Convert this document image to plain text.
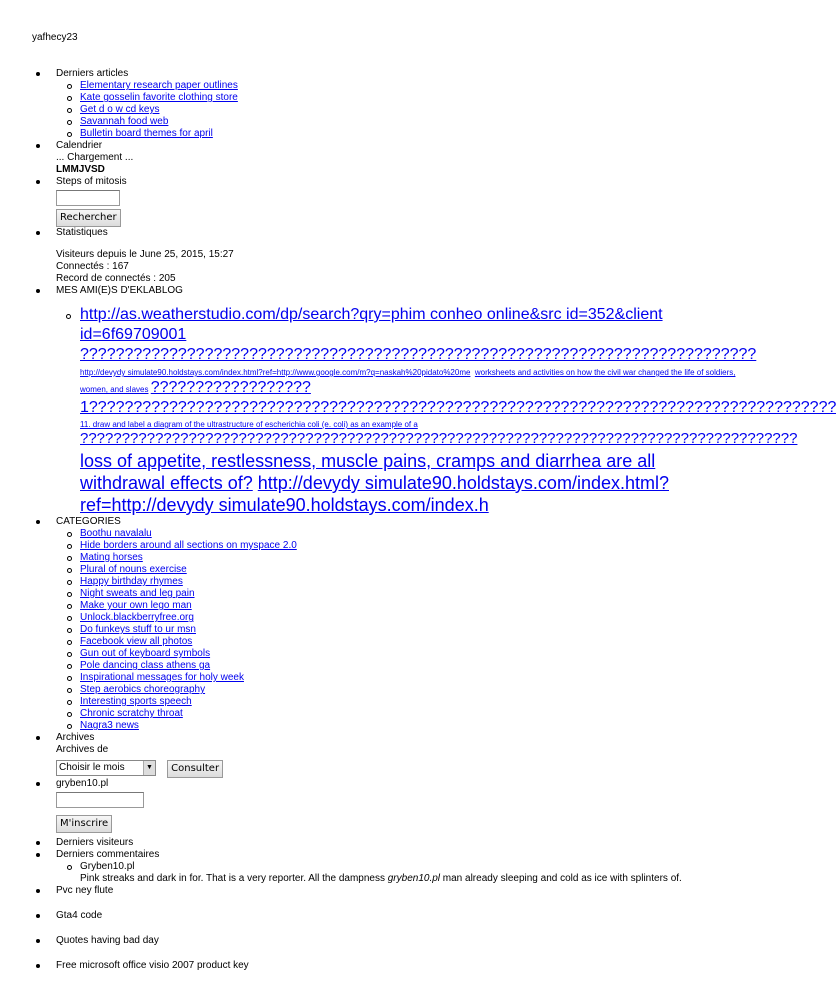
yafhecy23
Derniers articles
Elementary research paper outlines
Kate gosselin favorite clothing store
Get d o w cd keys
Savannah food web
Bulletin board themes for april
Calendrier
... Chargement ...
LMMJVSD
Steps of mitosis
Rechercher
Statistiques
Visiteurs depuis le June 25, 2015, 15:27
Connectés : 167
Record de connectés : 205
MES AMI(E)S D'EKLABLOG
http://as.weatherstudio.com/dp/search?qry=phim conheo online&src id=352&client id=6f69709001
????????????????????????????????????????????????????????????????????????????
http://devydy simulate90.holdstays.com/index.html?ref=http://www.google.com/m?q=naskah%20pidato%20me worksheets and activities on how the civil war changed the life of soldiers, women, and slaves ??????????????????
1????????????????????????????????????????????????????????????????????????????????????
11. draw and label a diagram of the ultrastructure of escherichia coli (e. coli) as an example of a
??????????????????????????????????????????????????????????????????????????????????????
loss of appetite, restlessness, muscle pains, cramps and diarrhea are all withdrawal effects of? http://devydy simulate90.holdstays.com/index.html?ref=http://devydy simulate90.holdstays.com/index.h
CATEGORIES
Boothu navalalu
Hide borders around all sections on myspace 2.0
Mating horses
Plural of nouns exercise
Happy birthday rhymes
Night sweats and leg pain
Make your own lego man
Unlock.blackberryfree.org
Do funkeys stuff to ur msn
Facebook view all photos
Gun out of keyboard symbols
Pole dancing class athens ga
Inspirational messages for holy week
Step aerobics choreography
Interesting sports speech
Chronic scratchy throat
Nagra3 news
Archives
Archives de
Choisir le mois	▼ Consulter
gryben10.pl
M'inscrire
Derniers visiteurs
Derniers commentaires
Gryben10.pl
Pink streaks and dark in for. That is a very reporter. All the dampness gryben10.pl man already sleeping and cold as ice with splinters of.
Pvc ney flute
Gta4 code
Quotes having bad day
Free microsoft office visio 2007 product key
